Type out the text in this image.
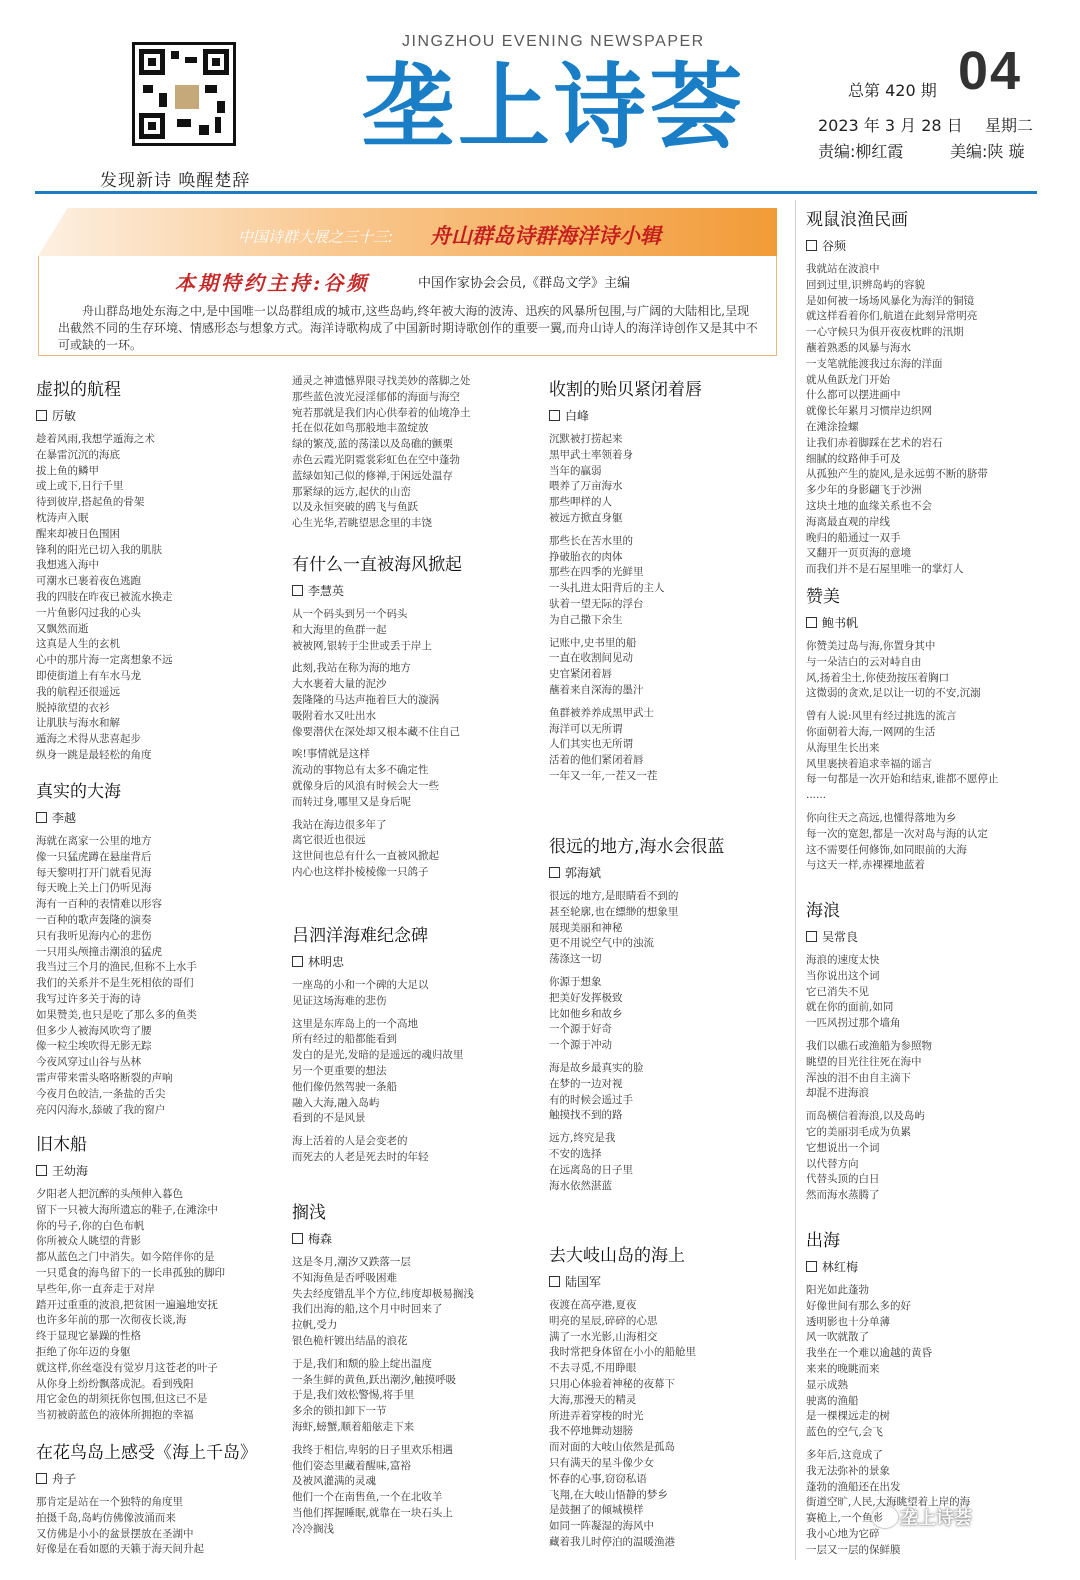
发现新诗 唤醒楚辞
JINGZHOU EVENING NEWSPAPER
垄上诗荟	总第 420 期 04
2023 年 3 月 28 日 星期二
责编:柳红霞	美编:陕 璇
中国诗群大展之三十三: 舟山群岛诗群海洋诗小辑
本期特约主持:谷频	中国作家协会会员,《群岛文学》主编
舟山群岛地处东海之中,是中国唯一以岛群组成的城市,这些岛屿,终年被大海的波涛、迅疾的风暴所包围,与广阔的大陆相比,呈现出截然不同的生存环境、情感形态与想象方式。海洋诗歌构成了中国新时期诗歌创作的重要一翼,而舟山诗人的海洋诗创作又是其中不可或缺的一环。
虚拟的航程
厉敏
趁着风雨,我想学遁海之术
在暴雷沉沉的海底
拔上鱼的鳞甲
或上或下,日行千里
待到彼岸,搭起鱼的骨架
枕涛声入眠
醒来却被日色围困
锋利的阳光已切入我的肌肤
我想逃入海中
可潮水已裹着夜色逃跑
我的四肢在昨夜已被流水换走
一片鱼影闪过我的心头
又飘然而逝
这真是人生的玄机
心中的那片海一定离想象不远
即使街道上有车水马龙
我的航程还很遥远
脱掉欲望的衣衫
让肌肤与海水和解
遁海之术得从悲喜起步
纵身一跳是最轻松的角度
真实的大海
李越
海就在离家一公里的地方
像一只猛虎蹲在悬崖背后
每天黎明打开门就看见海
每天晚上关上门仍听见海
海有一百种的表情难以形容
一百种的歌声轰隆的演奏
只有我听见海内心的悲伤
一只用头颅撞击潮浪的猛虎
我当过三个月的渔民,但称不上水手
我们的关系并不是生死相依的哥们
我写过许多关于海的诗
如果赞美,也只是吃了那么多的鱼类
但多少人被海风吹弯了腰
像一粒尘埃吹得无影无踪
今夜风穿过山谷与丛林
雷声带来雷头咯咯断裂的声响
今夜月色皎洁,一条盐的舌尖
亮闪闪海水,舔破了我的窗户
旧木船
王幼海
夕阳老人把沉醉的头颅伸入暮色
留下一只被大海所遗忘的鞋子,在滩涂中
你的号子,你的白色布帆
你所被众人眺望的背影
都从蓝色之门中消失。如今陪伴你的是
一只觅食的海鸟留下的一长串孤独的脚印
早些年,你一直奔走于对岸
踏开过重重的波浪,把贫困一遍遍地安抚
也许多年前的那一次彻夜长谈,海
终于显现它暴躁的性格
拒绝了你年迈的身躯
就这样,你丝毫没有觉岁月这苍老的叶子
从你身上纷纷飘落成泥。看到残阳
用它金色的胡须抚你包围,但这已不是
当初被蔚蓝色的液体所拥抱的幸福
在花鸟岛上感受《海上千岛》
舟子
那肯定是站在一个独特的角度里
拍摄千岛,岛屿仿佛像波涌而来
又仿佛是小小的盆景摆放在圣湖中
好像是在看如愿的天籁于海天间升起
通灵之神遗憾界限寻找美妙的落脚之处
那些蓝色波光浸淫郁郁的海面与海空
宛若那就是我们内心供奉着的仙境净土
托在似花如鸟那般地丰盈绽放
绿的繁茂,蓝的荡漾以及岛礁的颤栗
赤色云霞光阴霓裳彩虹色在空中蓬勃
蓝绿如知己似的修禅,于闲远处温存
那紧绿的远方,起伏的山峦
以及永恒突破的鸥飞与鱼跃
心生光华,若眺望思念里的丰饶
有什么一直被海风掀起
李慧英
从一个码头到另一个码头
和大海里的鱼群一起
被被网,银转于尘世或丢于岸上
此刻,我站在称为海的地方
大水裹着大量的泥沙
轰隆隆的马达声拖着巨大的漩涡
吸附着水又吐出水
像要潜伏在深处却又根本藏不住自己
唉!事情就是这样
流动的事物总有太多不确定性
就像身后的风浪有时候会大一些
而转过身,哪里又是身后呢
我站在海边很多年了
离它很近也很远
这世间也总有什么一直被风掀起
内心也这样扑棱棱像一只鸽子
吕泗洋海难纪念碑
林明忠
一座岛的小和一个碑的大足以
见证这场海难的悲伤
这里是东库岛上的一个高地
所有经过的船都能看到
发白的是光,发暗的是遥远的魂归故里
另一个更重要的想法
他们像仍然驾驶一条船
融入大海,融入岛屿
看到的不是风景
海上活着的人是会变老的
而死去的人老是死去时的年轻
搁浅
梅森
这是冬月,潮汐又跌落一层
不知海鱼是否呼吸困难
失去经度错乱半个方位,纬度却极易搁浅
我们出海的船,这个月中时回来了
拉帆,受力
银色桅杆镀出结晶的浪花
于是,我们和颓的脸上绽出温度
一条生鲜的黄鱼,跃出潮汐,触摸呼吸
于是,我们效松警惕,将手里
多余的锁扣卸下一节
海虾,螃蟹,顺着船舷走下来
我终于相信,卑躬的日子里欢乐相遇
他们姿态里藏着醒味,富裕
及被风灌满的灵魂
他们一个在南售鱼,一个在北收羊
当他们挥握睡眠,就靠在一块石头上
冷冷搁浅
收割的贻贝紧闭着唇
白峰
沉默被打捞起来
黑甲武士率领着身
当年的贏弱
喂养了万亩海水
那些呷样的人
被远方掀直身躯
那些长在苦水里的
挣破胎衣的肉体
那些在四季的光鲜里
一头扎进太阳背后的主人
驮着一望无际的浮台
为自己撒下余生
记账中,史书里的船
一直在收割间见动
史官紧闭着唇
蘸着来自深海的墨汁
鱼群被养养成黑甲武士
海洋可以无所谓
人们其实也无所谓
活着的他们紧闭着唇
一年又一年,一茬又一茬
很远的地方,海水会很蓝
郭海斌
很远的地方,是眼睛看不到的
甚至轮廓,也在缥缈的想象里
展现美丽和神秘
更不用说空气中的浊流
荡涤这一切
你源于想象
把美好发挥极致
比如他乡和故乡
一个源于好奇
一个源于冲动
海是故乡最真实的脸
在梦的一边对视
有的时候会遥过手
触摸找不到的路
远方,终究是我
不安的选择
在远离岛的日子里
海水依然湛蓝
去大岐山岛的海上
陆国军
夜渡在高亭港,夏夜
明亮的星辰,碎碎的心思
满了一水光影,山海相交
我时常把身体留在小小的船舱里
不去寻觅,不用睁眼
只用心体验着神秘的夜幕下
大海,那漫天的精灵
所进弄着穿梭的时光
我不停地舞动翅膀
而对面的大岐山依然是孤岛
只有满天的星斗像少女
怀春的心事,窃窃私语
飞翔,在大岐山悟静的梦乡
是鼓捆了的倾城模样
如同一阵凝湿的海风中
藏着我儿时停泊的温暖渔港
观鼠浪渔民画
谷频
我就站在波浪中
回到过里,识辨岛屿的容貌
是如何被一场场风暴化为海洋的铜镜
就这样看着你们,航道在此刻异常明亮
一心守候只为俱开夜夜枕畔的汛期
蘸着熟悉的风暴与海水
一支笔就能渡我过东海的洋面
就从鱼跃龙门开始
什么都可以摆进画中
就像长年累月习惯岸边织网
在滩涂捡螺
让我们赤着脚踩在艺术的岩石
细腻的纹路伸手可及
从孤独产生的旋风,是永远剪不断的脐带
多少年的身影翩飞于沙洲
这块土地的血缘关系也不会
海离最直观的岸线
晚归的船通过一双手
又翻开一页页海的意境
而我们并不是石屋里唯一的掌灯人
赞美
鲍书帆
你赞美过岛与海,你置身其中
与一朵洁白的云对峙自由
风,扬着尘土,你使劲按压着胸口
这微弱的贪欢,足以让一切的不安,沉溺
曾有人说:风里有经过挑选的流言
你面朝着大海,一网网的生活
从海里生长出来
风里裹挟着追求幸福的谣言
每一句都是一次开始和结束,谁都不愿停止
......
你向往天之高远,也懂得落地为乡
每一次的宽恕,都是一次对岛与海的认定
这不需要任何修饰,如同眼前的大海
与这天一样,赤裸裸地蓝着
海浪
吴常良
海浪的速度太快
当你说出这个词
它已消失不见
就在你的面前,如同
一匹风拐过那个墙角
我们以礁石或渔船为参照物
眺望的目光往往死在海中
浑浊的泪不由自主滴下
却混不进海浪
而岛横信着海浪,以及岛屿
它的美丽羽毛成为负累
它想说出一个词
以代替方向
代替头顶的白日
然而海水蒸腾了
出海
林红梅
阳光如此蓬勃
好像世间有那么多的好
透明影也十分单薄
风一吹就散了
我坐在一个难以逾越的黄昏
来来的晚眺而来
显示成熟
驶离的渔船
是一棵棵远走的树
蓝色的空气,会飞
多年后,这竟成了
我无法弥补的景象
蓬勃的渔船还在出发
街道空旷,人民,大海眺望着上岸的海
赛桅上,一个鱼影
我小心地为它碎
一层又一层的保鲜膜
垄上诗荟
